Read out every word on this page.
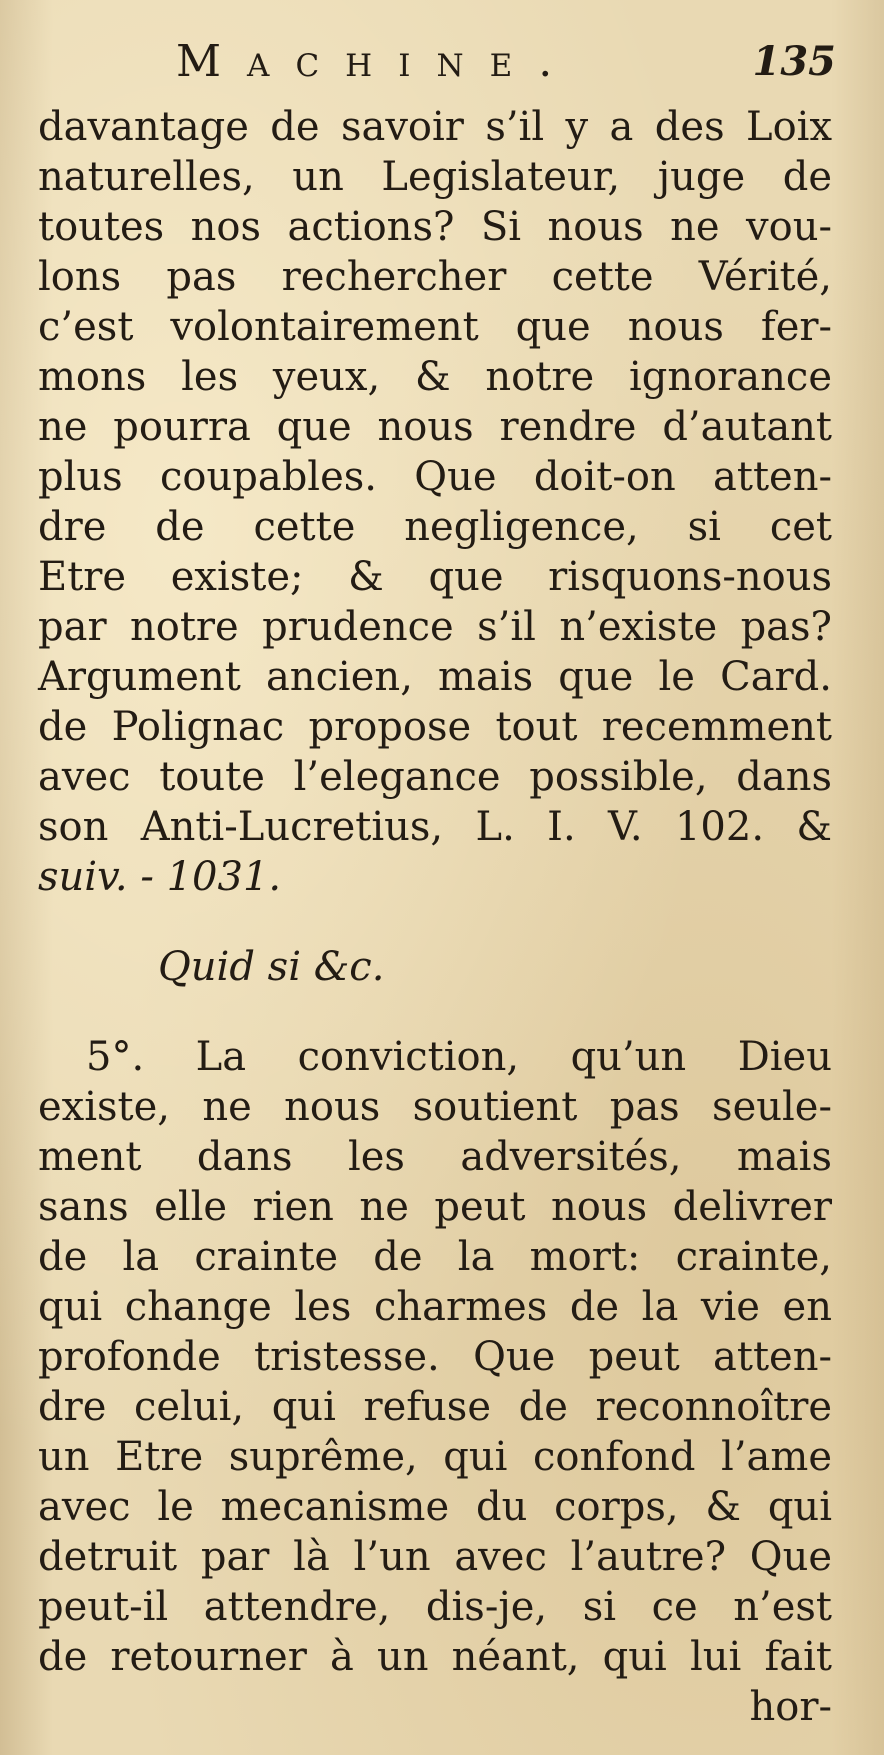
Machine.	135
davantage de savoir s’il y a des Loix
naturelles, un Legislateur, juge de
toutes nos actions? Si nous ne vou-
lons pas rechercher cette Vérité,
c’est volontairement que nous fer-
mons les yeux, & notre ignorance
ne pourra que nous rendre d’autant
plus coupables. Que doit-on atten-
dre de cette negligence, si cet
Etre existe; & que risquons-nous
par notre prudence s’il n’existe pas?
Argument ancien, mais que le Card.
de Polignac propose tout recemment
avec toute l’elegance possible, dans
son Anti-Lucretius, L. I. V. 102. &
suiv. - 1031.
Quid si &c.
5°. La conviction, qu’un Dieu
existe, ne nous soutient pas seule-
ment dans les adversités, mais
sans elle rien ne peut nous delivrer
de la crainte de la mort: crainte,
qui change les charmes de la vie en
profonde tristesse. Que peut atten-
dre celui, qui refuse de reconnoître
un Etre suprême, qui confond l’ame
avec le mecanisme du corps, & qui
detruit par là l’un avec l’autre? Que
peut-il attendre, dis-je, si ce n’est
de retourner à un néant, qui lui fait
hor-
